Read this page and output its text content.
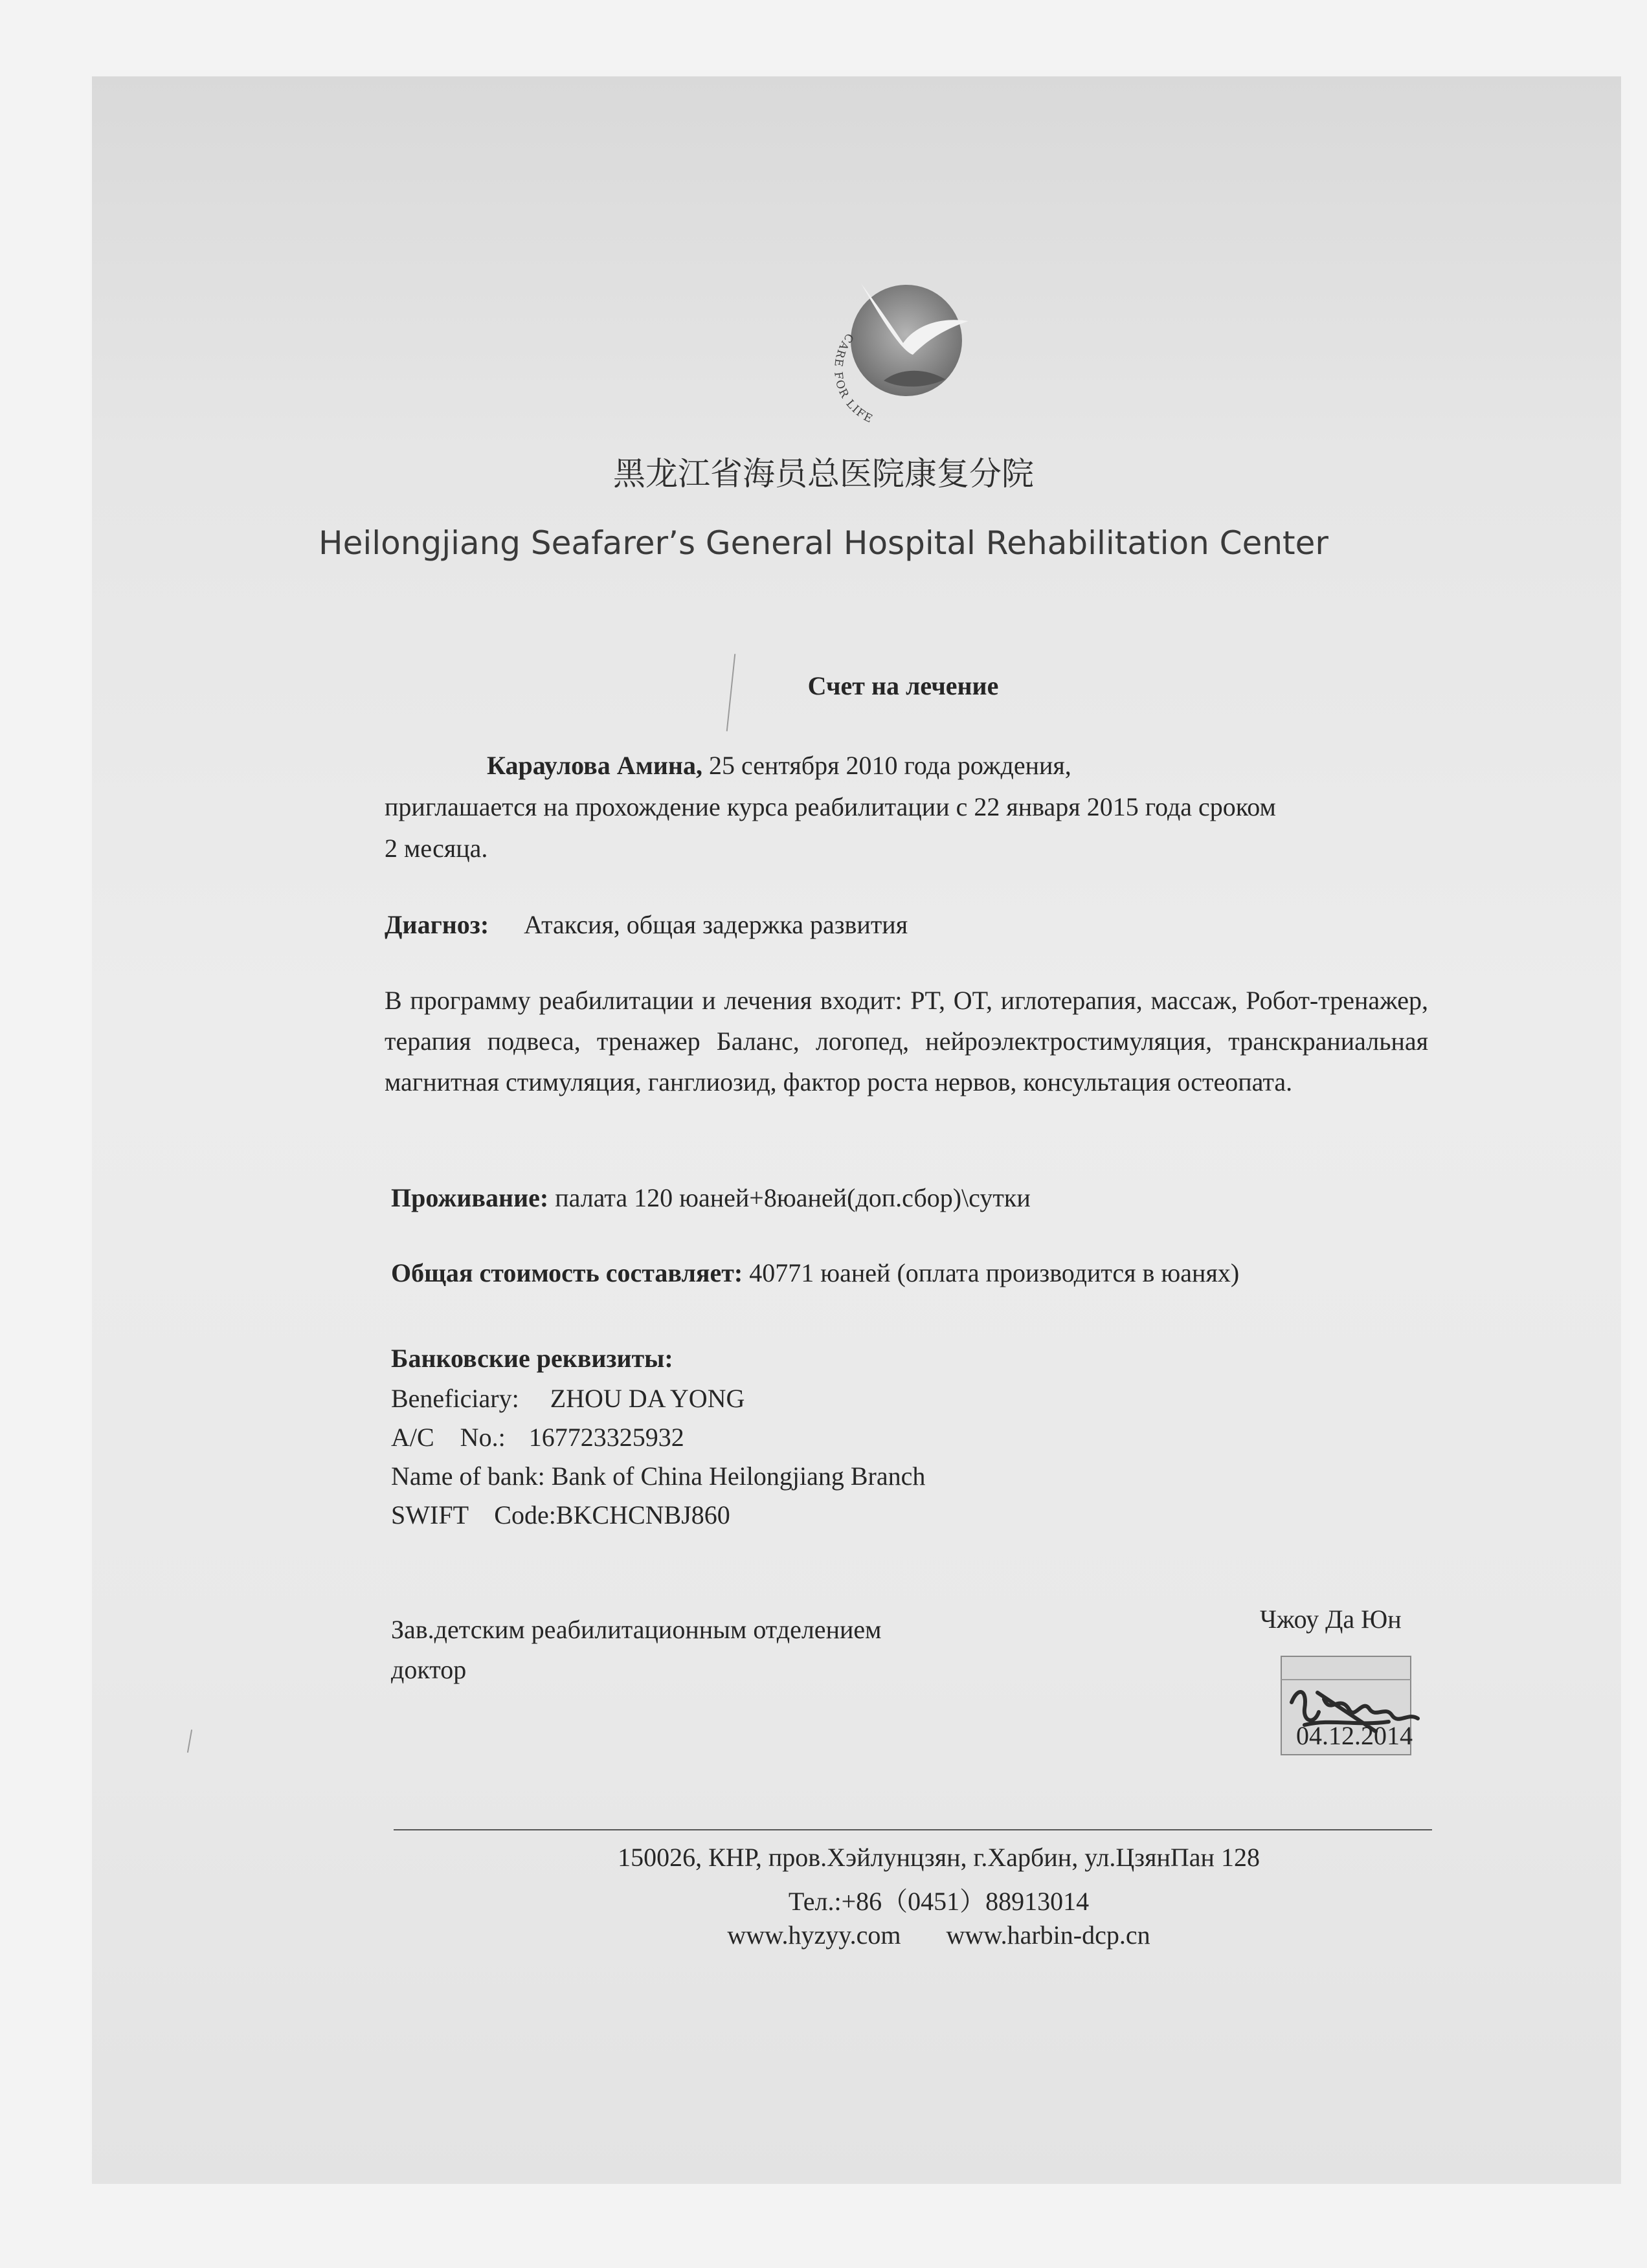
CARE FOR LIFE
黑龙江省海员总医院康复分院
Heilongjiang Seafarer’s General Hospital Rehabilitation Center
Счет на лечение
Караулова Амина, 25 сентября 2010 года рождения,
приглашается на прохождение курса реабилитации с 22 января 2015 года сроком
2 месяца.
Диагноз: Атаксия, общая задержка развития
В программу реабилитации и лечения входит: PT, OT, иглотерапия, массаж, Робот-тренажер, терапия подвеса, тренажер Баланс, логопед, нейроэлектростимуляция, транскраниальная магнитная стимуляция, ганглиозид, фактор роста нервов, консультация остеопата.
Проживание: палата 120 юаней+8юаней(доп.сбор)\сутки
Общая стоимость составляет: 40771 юаней (оплата производится в юанях)
Банковские реквизиты:
Beneficiary: ZHOU DA YONG
A/C    No.: 167723325932
Name of bank: Bank of China Heilongjiang Branch
SWIFT    Code:BKCHCNBJ860
Зав.детским реабилитационным отделением
доктор
Чжоу Да Юн
04.12.2014
150026, КНР, пров.Хэйлунцзян, г.Харбин, ул.ЦзянПан 128
Тел.:+86（0451）88913014
www.hyzyy.com www.harbin-dcp.cn
